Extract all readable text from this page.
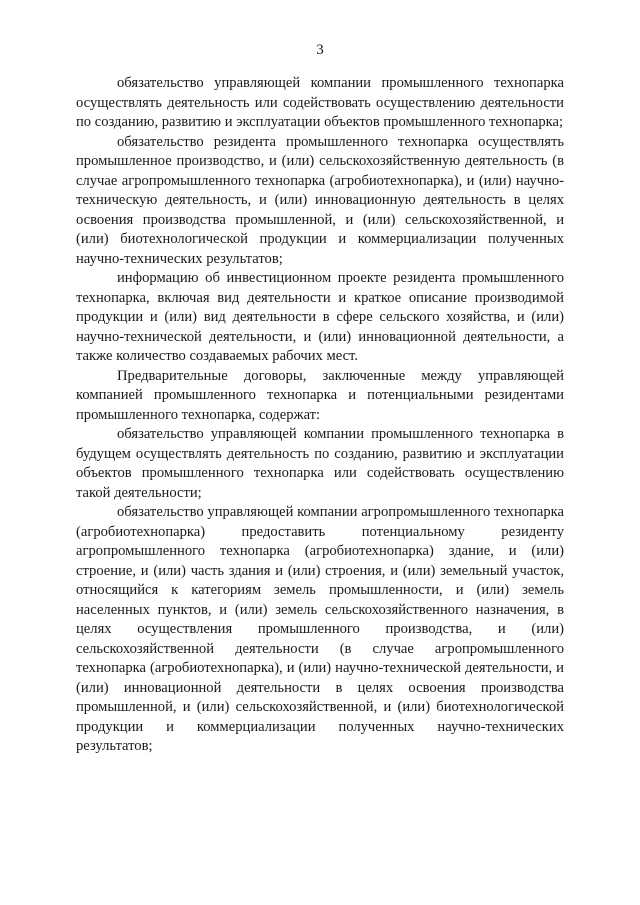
3

обязательство управляющей компании промышленного технопарка осуществлять деятельность или содействовать осуществлению деятельности по созданию, развитию и эксплуатации объектов промышленного технопарка;

обязательство резидента промышленного технопарка осуществлять промышленное производство, и (или) сельскохозяйственную деятельность (в случае агропромышленного технопарка (агробиотехнопарка), и (или) научно-техническую деятельность, и (или) инновационную деятельность в целях освоения производства промышленной, и (или) сельскохозяйственной, и (или) биотехнологической продукции и коммерциализации полученных научно-технических результатов;

информацию об инвестиционном проекте резидента промышленного технопарка, включая вид деятельности и краткое описание производимой продукции и (или) вид деятельности в сфере сельского хозяйства, и (или) научно-технической деятельности, и (или) инновационной деятельности, а также количество создаваемых рабочих мест.

Предварительные договоры, заключенные между управляющей компанией промышленного технопарка и потенциальными резидентами промышленного технопарка, содержат:

обязательство управляющей компании промышленного технопарка в будущем осуществлять деятельность по созданию, развитию и эксплуатации объектов промышленного технопарка или содействовать осуществлению такой деятельности;

обязательство управляющей компании агропромышленного технопарка (агробиотехнопарка) предоставить потенциальному резиденту агропромышленного технопарка (агробиотехнопарка) здание, и (или) строение, и (или) часть здания и (или) строения, и (или) земельный участок, относящийся к категориям земель промышленности, и (или) земель населенных пунктов, и (или) земель сельскохозяйственного назначения, в целях осуществления промышленного производства, и (или) сельскохозяйственной деятельности (в случае агропромышленного технопарка (агробиотехнопарка), и (или) научно-технической деятельности, и (или) инновационной деятельности в целях освоения производства промышленной, и (или) сельскохозяйственной, и (или) биотехнологической продукции и коммерциализации полученных научно-технических результатов;
